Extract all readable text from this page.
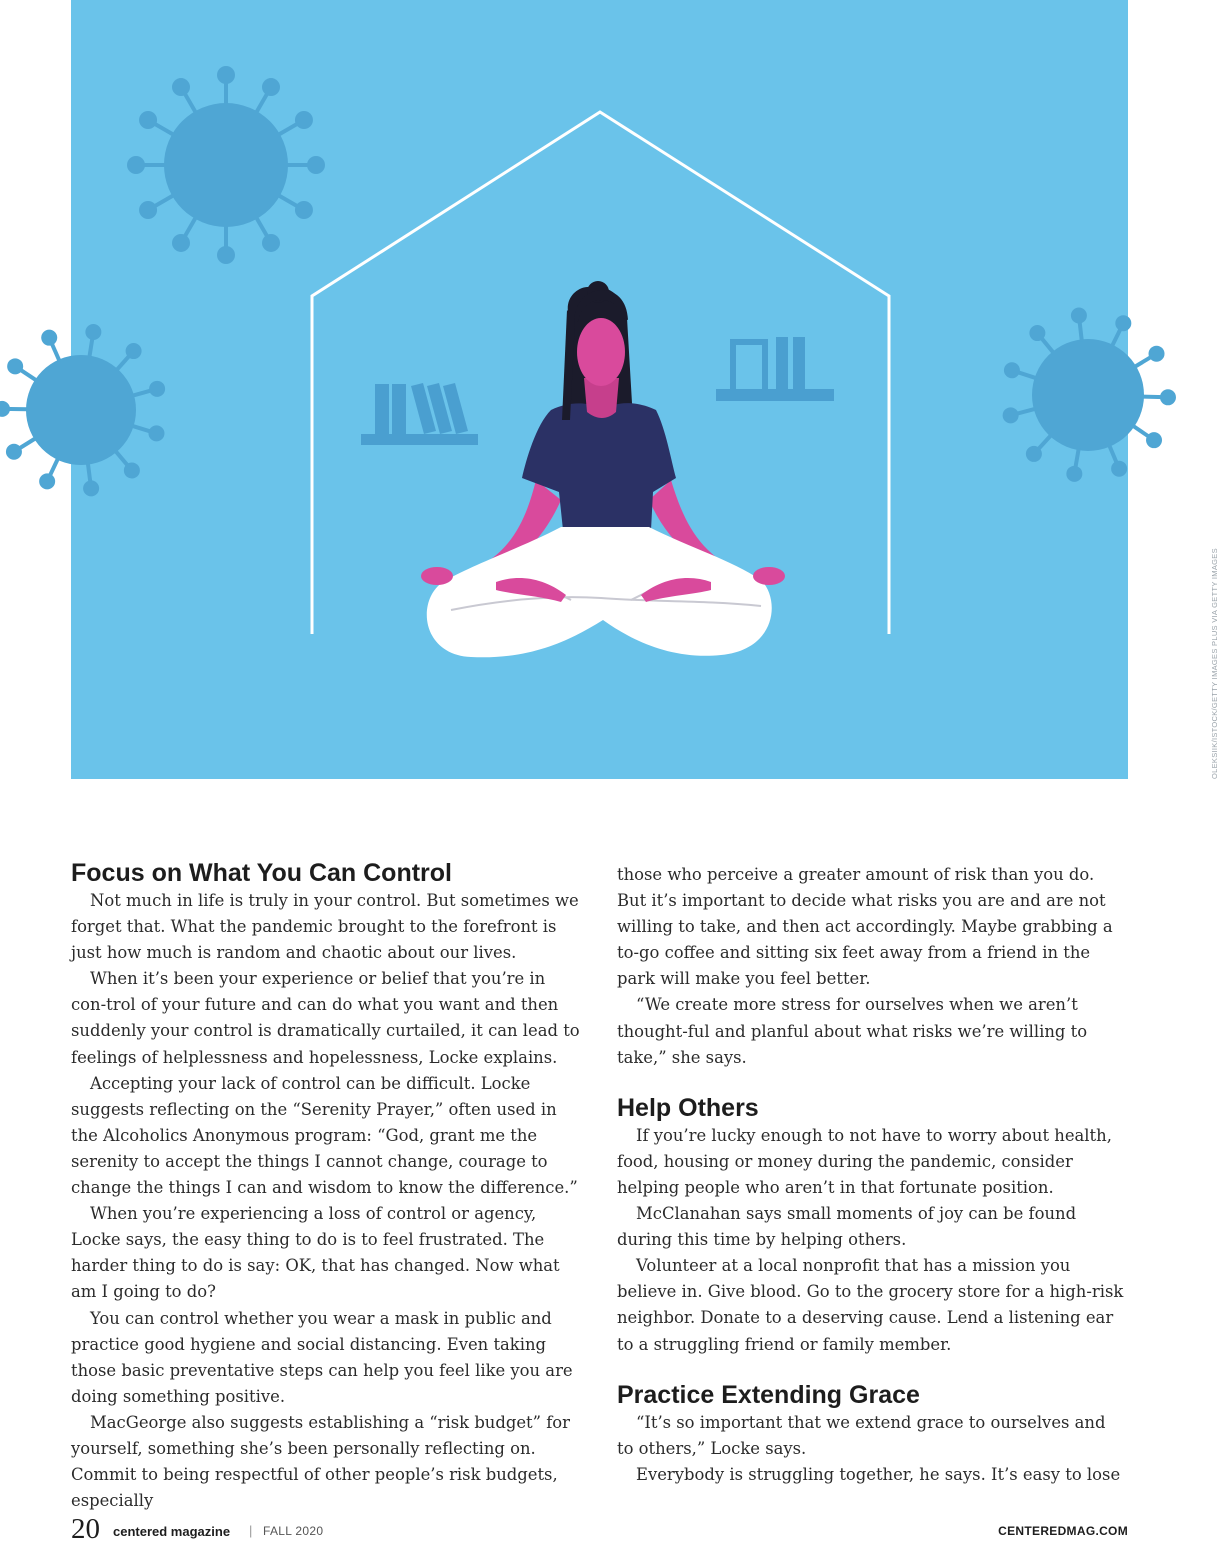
OLEKSIIK/ISTOCK/GETTY IMAGES PLUS VIA GETTY IMAGES
Focus on What You Can Control

Not much in life is truly in your control. But sometimes we forget that. What the pandemic brought to the forefront is just how much is random and chaotic about our lives.

When it’s been your experience or belief that you’re in con-trol of your future and can do what you want and then suddenly your control is dramatically curtailed, it can lead to feelings of helplessness and hopelessness, Locke explains.

Accepting your lack of control can be difficult. Locke suggests reflecting on the “Serenity Prayer,” often used in the Alcoholics Anonymous program: “God, grant me the serenity to accept the things I cannot change, courage to change the things I can and wisdom to know the difference.”

When you’re experiencing a loss of control or agency, Locke says, the easy thing to do is to feel frustrated. The harder thing to do is say: OK, that has changed. Now what am I going to do?

You can control whether you wear a mask in public and practice good hygiene and social distancing. Even taking those basic preventative steps can help you feel like you are doing something positive.

MacGeorge also suggests establishing a “risk budget” for yourself, something she’s been personally reflecting on. Commit to being respectful of other people’s risk budgets, especially

those who perceive a greater amount of risk than you do. But it’s important to decide what risks you are and are not willing to take, and then act accordingly. Maybe grabbing a to-go coffee and sitting six feet away from a friend in the park will make you feel better.

“We create more stress for ourselves when we aren’t thought-ful and planful about what risks we’re willing to take,” she says.

Help Others

If you’re lucky enough to not have to worry about health, food, housing or money during the pandemic, consider helping people who aren’t in that fortunate position.

McClanahan says small moments of joy can be found during this time by helping others.

Volunteer at a local nonprofit that has a mission you believe in. Give blood. Go to the grocery store for a high-risk neighbor. Donate to a deserving cause. Lend a listening ear to a struggling friend or family member.

Practice Extending Grace

“It’s so important that we extend grace to ourselves and to others,” Locke says.

Everybody is struggling together, he says. It’s easy to lose

20 centered magazine | FALL 2020	CENTEREDMAG.COM
